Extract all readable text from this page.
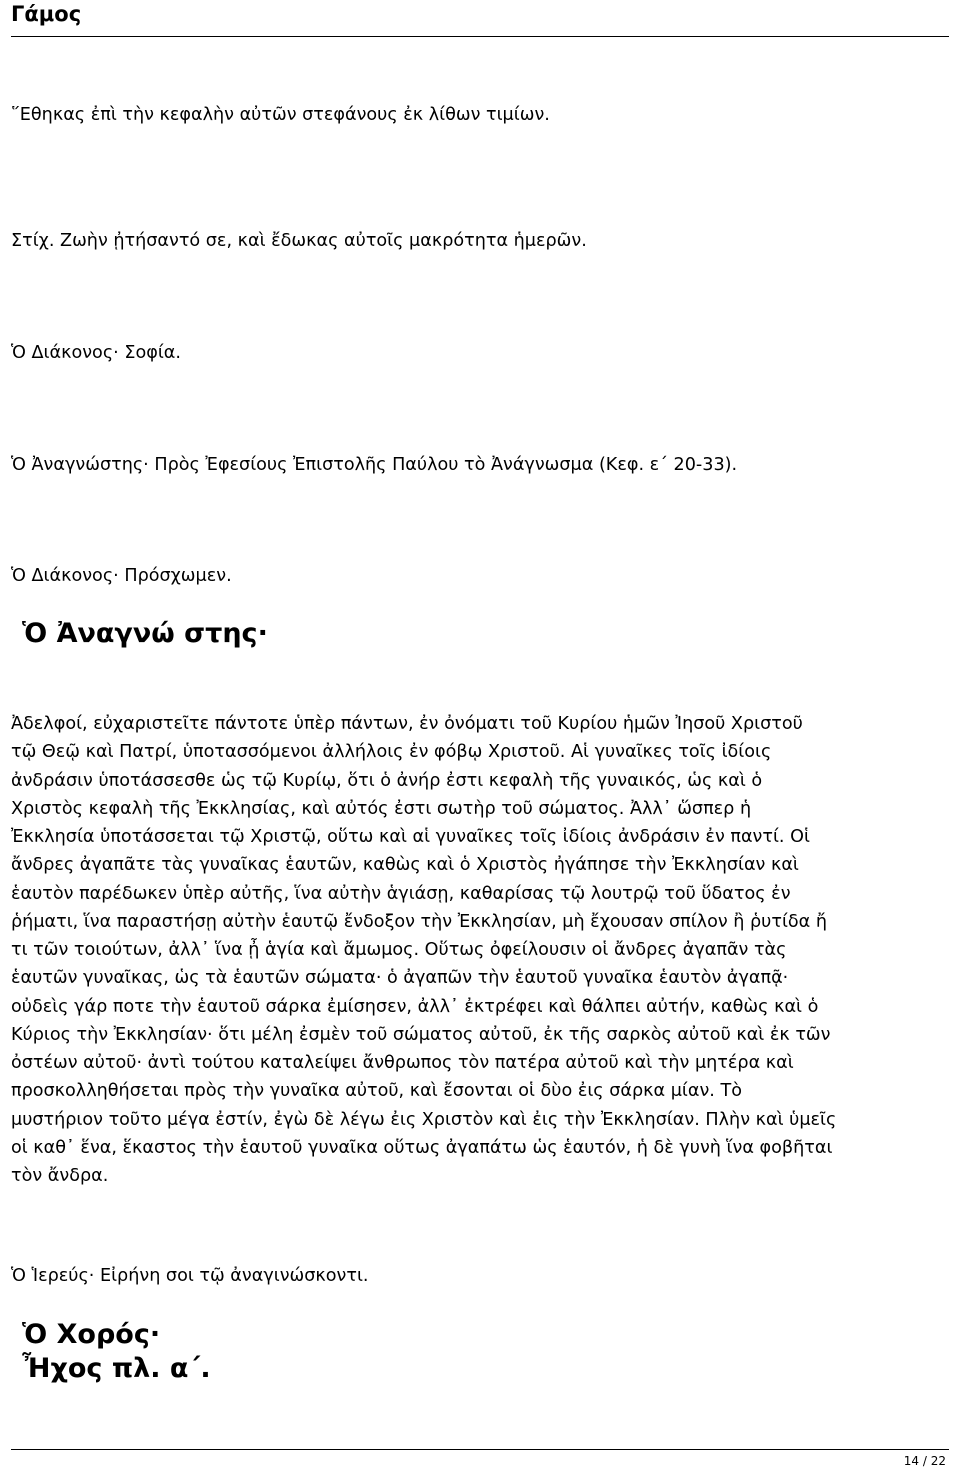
Γάμος
῞Εθηκας ἐπὶ τὴν κεφαλὴν αὐτῶν στεφάνους ἐκ λίθων τιμίων.
Στίχ. Ζωὴν ᾐτήσαντό σε, καὶ ἔδωκας αὐτοῖς μακρότητα ἡμερῶν.
Ὁ Διάκονος· Σοφία.
Ὁ Ἀναγνώστης· Πρὸς Ἐφεσίους Ἐπιστολῆς Παύλου τὸ Ἀνάγνωσμα (Κεφ. ε΄ 20-33).
Ὁ Διάκονος· Πρόσχωμεν.
Ὁ Ἀναγνώ στης·
Ἀδελφοί, εὐχαριστεῖτε πάντοτε ὑπὲρ πάντων, ἐν ὀνόματι τοῦ Κυρίου ἡμῶν Ἰησοῦ Χριστοῦ
τῷ Θεῷ καὶ Πατρί, ὑποτασσόμενοι ἀλλήλοις ἐν φόβῳ Χριστοῦ. Αἱ γυναῖκες τοῖς ἰδίοις
ἀνδράσιν ὑποτάσσεσθε ὡς τῷ Κυρίῳ, ὅτι ὁ ἀνήρ ἐστι κεφαλὴ τῆς γυναικός, ὡς καὶ ὁ
Χριστὸς κεφαλὴ τῆς Ἐκκλησίας, καὶ αὐτός ἐστι σωτὴρ τοῦ σώματος. Ἀλλ᾿ ὥσπερ ἡ
Ἐκκλησία ὑποτάσσεται τῷ Χριστῷ, οὕτω καὶ αἱ γυναῖκες τοῖς ἰδίοις ἀνδράσιν ἐν παντί. Οἱ
ἄνδρες ἀγαπᾶτε τὰς γυναῖκας ἑαυτῶν, καθὼς καὶ ὁ Χριστὸς ἠγάπησε τὴν Ἐκκλησίαν καὶ
ἑαυτὸν παρέδωκεν ὑπὲρ αὐτῆς, ἵνα αὐτὴν ἁγιάσῃ, καθαρίσας τῷ λουτρῷ τοῦ ὕδατος ἐν
ῥήματι, ἵνα παραστήσῃ αὐτὴν ἑαυτῷ ἔνδοξον τὴν Ἐκκλησίαν, μὴ ἔχουσαν σπίλον ἢ ῥυτίδα ἤ
τι τῶν τοιούτων, ἀλλ᾿ ἵνα ᾖ ἁγία καὶ ἄμωμος. Οὕτως ὀφείλουσιν οἱ ἄνδρες ἀγαπᾶν τὰς
ἑαυτῶν γυναῖκας, ὡς τὰ ἑαυτῶν σώματα· ὁ ἀγαπῶν τὴν ἑαυτοῦ γυναῖκα ἑαυτὸν ἀγαπᾷ·
οὐδεὶς γάρ ποτε τὴν ἑαυτοῦ σάρκα ἐμίσησεν, ἀλλ᾿ ἐκτρέφει καὶ θάλπει αὐτήν, καθὼς καὶ ὁ
Κύριος τὴν Ἐκκλησίαν· ὅτι μέλη ἐσμὲν τοῦ σώματος αὐτοῦ, ἐκ τῆς σαρκὸς αὐτοῦ καὶ ἐκ τῶν
ὀστέων αὐτοῦ· ἀντὶ τούτου καταλείψει ἄνθρωπος τὸν πατέρα αὐτοῦ καὶ τὴν μητέρα καὶ
προσκολληθήσεται πρὸς τὴν γυναῖκα αὐτοῦ, καὶ ἔσονται οἱ δὺο ἐις σάρκα μίαν. Τὸ
μυστήριον τοῦτο μέγα ἐστίν, ἐγὼ δὲ λέγω ἐις Χριστὸν καὶ ἐις τὴν Ἐκκλησίαν. Πλὴν καὶ ὑμεῖς
οἱ καθ᾿ ἕνα, ἕκαστος τὴν ἑαυτοῦ γυναῖκα οὕτως ἀγαπάτω ὡς ἑαυτόν, ἡ δὲ γυνὴ ἵνα φοβῆται
τὸν ἄνδρα.
Ὁ Ἱερεύς· Εἰρήνη σοι τῷ ἀναγινώσκοντι.
Ὁ Χορός·
Ἦχος πλ. α΄.
14 / 22
